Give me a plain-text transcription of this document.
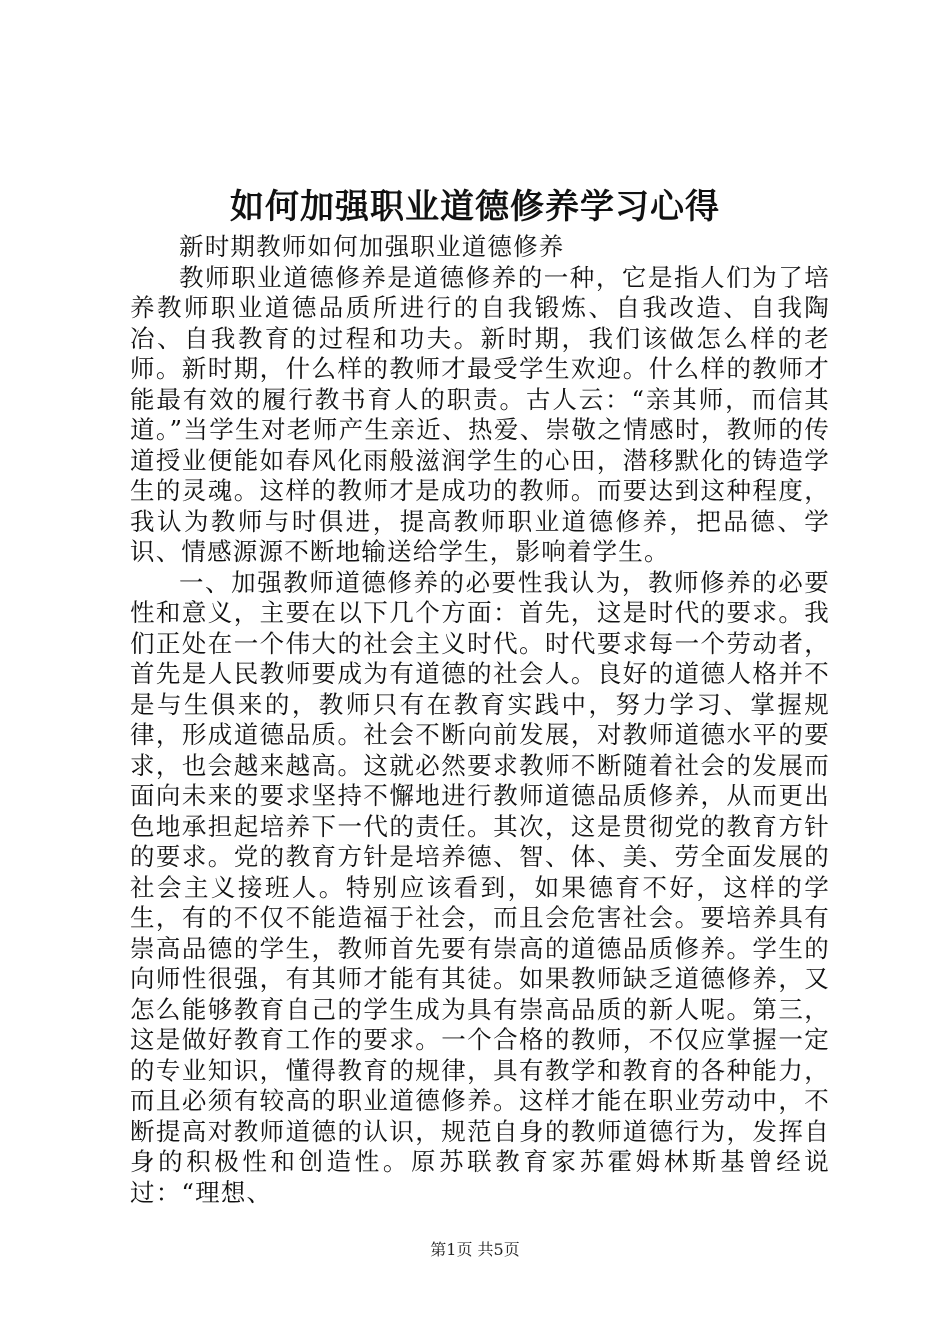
如何加强职业道德修养学习心得

新时期教师如何加强职业道德修养

教师职业道德修养是道德修养的一种，它是指人们为了培养教师职业道德品质所进行的自我锻炼、自我改造、自我陶冶、自我教育的过程和功夫。新时期，我们该做怎么样的老师。新时期，什么样的教师才最受学生欢迎。什么样的教师才能最有效的履行教书育人的职责。古人云：“亲其师，而信其道。”当学生对老师产生亲近、热爱、崇敬之情感时，教师的传道授业便能如春风化雨般滋润学生的心田，潜移默化的铸造学生的灵魂。这样的教师才是成功的教师。而要达到这种程度，我认为教师与时俱进，提高教师职业道德修养，把品德、学识、情感源源不断地输送给学生，影响着学生。

一、加强教师道德修养的必要性我认为，教师修养的必要性和意义，主要在以下几个方面：首先，这是时代的要求。我们正处在一个伟大的社会主义时代。时代要求每一个劳动者，首先是人民教师要成为有道德的社会人。良好的道德人格并不是与生俱来的，教师只有在教育实践中，努力学习、掌握规律，形成道德品质。社会不断向前发展，对教师道德水平的要求，也会越来越高。这就必然要求教师不断随着社会的发展而面向未来的要求坚持不懈地进行教师道德品质修养，从而更出色地承担起培养下一代的责任。其次，这是贯彻党的教育方针的要求。党的教育方针是培养德、智、体、美、劳全面发展的社会主义接班人。特别应该看到，如果德育不好，这样的学生，有的不仅不能造福于社会，而且会危害社会。要培养具有崇高品德的学生，教师首先要有崇高的道德品质修养。学生的向师性很强，有其师才能有其徒。如果教师缺乏道德修养，又怎么能够教育自己的学生成为具有崇高品质的新人呢。第三，这是做好教育工作的要求。一个合格的教师，不仅应掌握一定的专业知识，懂得教育的规律，具有教学和教育的各种能力，而且必须有较高的职业道德修养。这样才能在职业劳动中，不断提高对教师道德的认识，规范自身的教师道德行为，发挥自身的积极性和创造性。原苏联教育家苏霍姆林斯基曾经说过：“理想、

第1页 共5页
